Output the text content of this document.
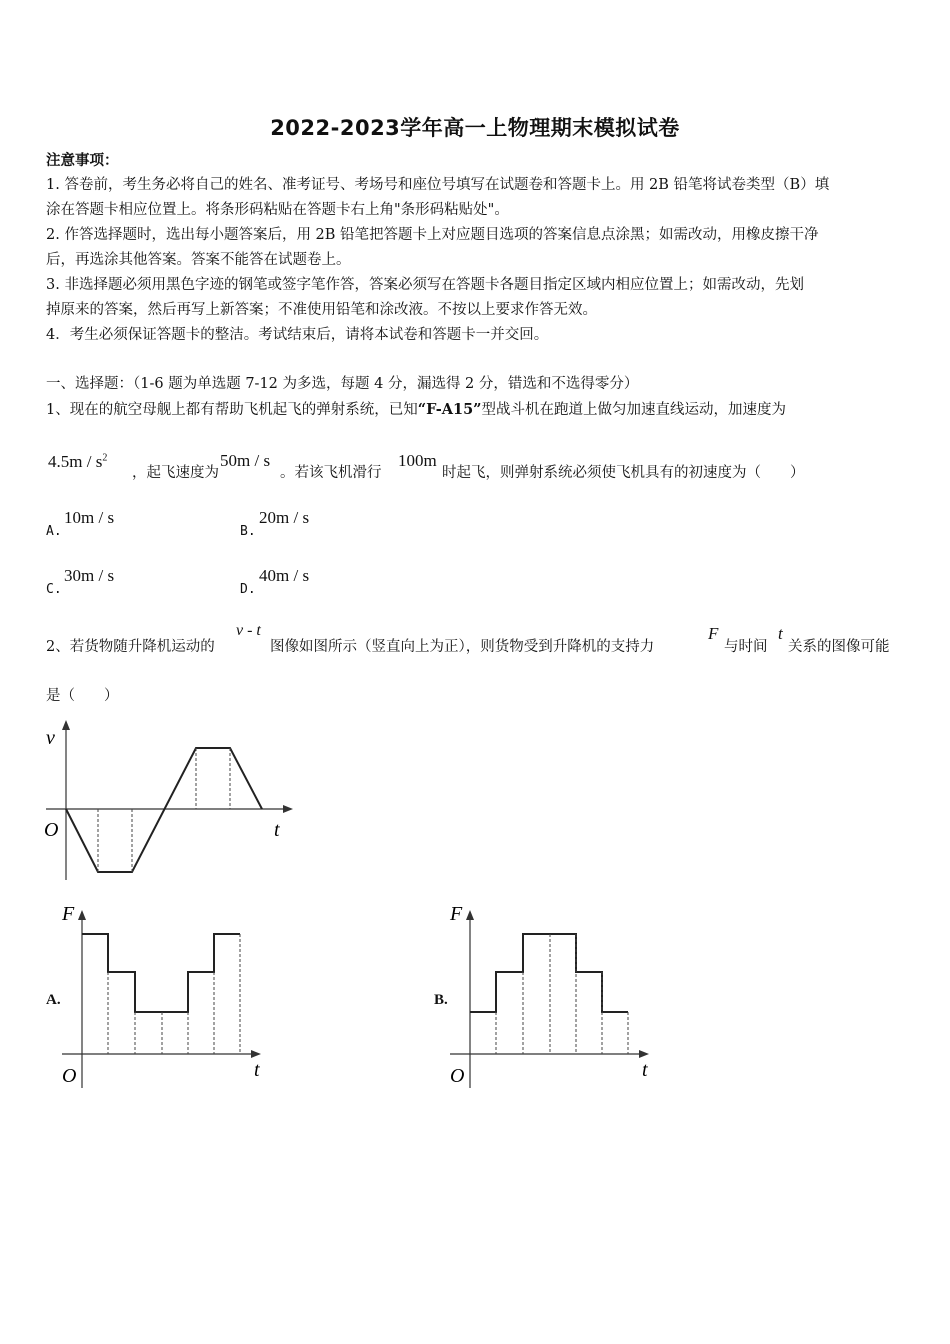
2022-2023学年高一上物理期末模拟试卷
注意事项：
1. 答卷前，考生务必将自己的姓名、准考证号、考场号和座位号填写在试题卷和答题卡上。用 2B 铅笔将试卷类型（B）填
涂在答题卡相应位置上。将条形码粘贴在答题卡右上角"条形码粘贴处"。
2. 作答选择题时，选出每小题答案后，用 2B 铅笔把答题卡上对应题目选项的答案信息点涂黑；如需改动，用橡皮擦干净
后，再选涂其他答案。答案不能答在试题卷上。
3. 非选择题必须用黑色字迹的钢笔或签字笔作答，答案必须写在答题卡各题目指定区域内相应位置上；如需改动，先划
掉原来的答案，然后再写上新答案；不准使用铅笔和涂改液。不按以上要求作答无效。
4．考生必须保证答题卡的整洁。考试结束后，请将本试卷和答题卡一并交回。
一、选择题：（1-6 题为单选题 7-12 为多选，每题 4 分，漏选得 2 分，错选和不选得零分）
1、现在的航空母舰上都有帮助飞机起飞的弹射系统，已知“F-A15”型战斗机在跑道上做匀加速直线运动，加速度为
$4.5m / s^2$
，起飞速度为
50m / s
。若该飞机滑行
100m
时起飞，则弹射系统必须使飞机具有的初速度为（　　）
A.
10m / s
B.
20m / s
C.
30m / s
D.
40m / s
2、若货物随升降机运动的
v - t
图像如图所示（竖直向上为正），则货物受到升降机的支持力
F
与时间
t
关系的图像可能
是（　　）
v
O	t
A.
F
O	t
B.
F
O	t
